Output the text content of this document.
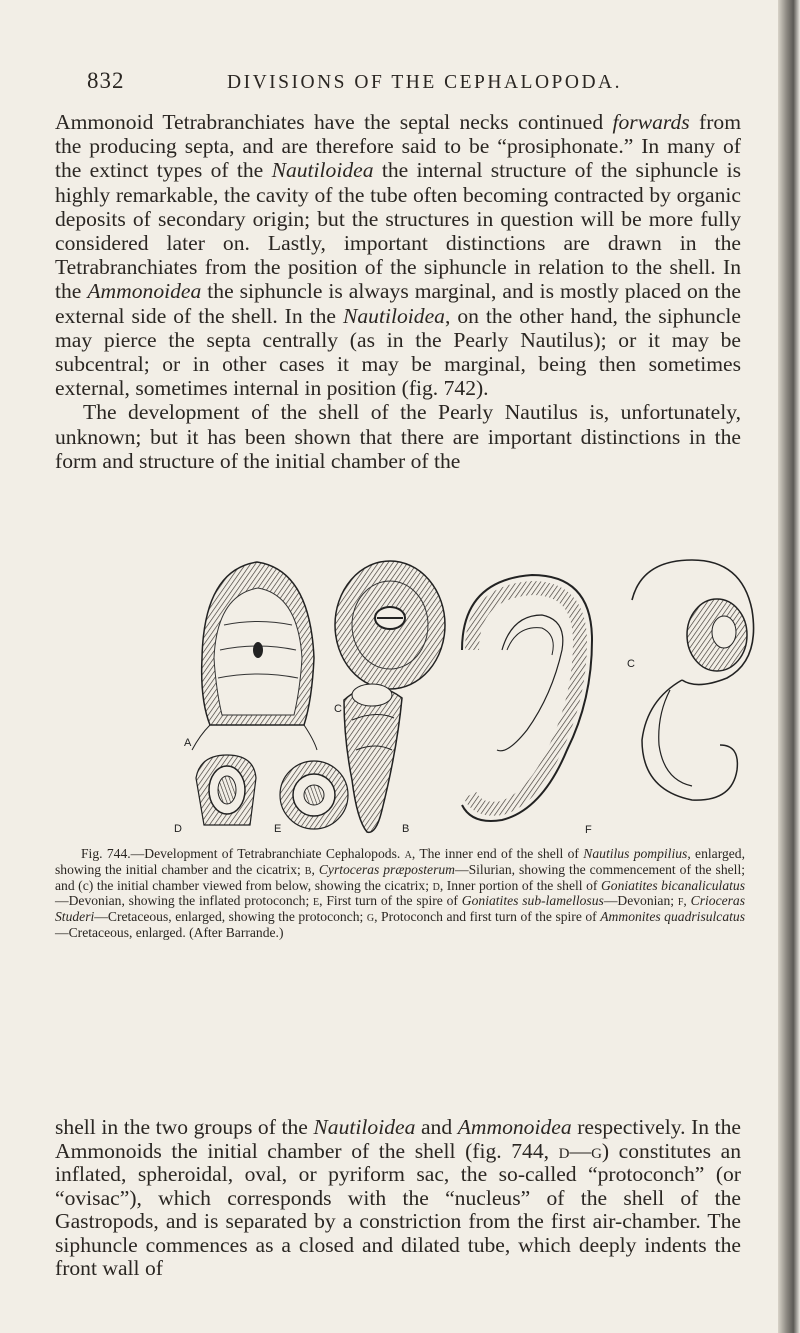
832	DIVISIONS OF THE CEPHALOPODA.

Ammonoid Tetrabranchiates have the septal necks continued forwards from the producing septa, and are therefore said to be “prosiphonate.” In many of the extinct types of the Nautiloidea the internal structure of the siphuncle is highly remarkable, the cavity of the tube often becoming contracted by organic deposits of secondary origin; but the structures in question will be more fully considered later on. Lastly, important distinctions are drawn in the Tetrabranchiates from the position of the siphuncle in relation to the shell. In the Ammonoidea the siphuncle is always marginal, and is mostly placed on the external side of the shell. In the Nautiloidea, on the other hand, the siphuncle may pierce the septa centrally (as in the Pearly Nautilus); or it may be subcentral; or in other cases it may be marginal, being then sometimes external, sometimes internal in position (fig. 742).

The development of the shell of the Pearly Nautilus is, unfortunately, unknown; but it has been shown that there are important distinctions in the form and structure of the initial chamber of the

A
D	E
C
B	F
C

Fig. 744.—Development of Tetrabranchiate Cephalopods. a, The inner end of the shell of Nautilus pompilius, enlarged, showing the initial chamber and the cicatrix; b, Cyrtoceras præposterum—Silurian, showing the commencement of the shell; and (c) the initial chamber viewed from below, showing the cicatrix; d, Inner portion of the shell of Goniatites bicanaliculatus—Devonian, showing the inflated protoconch; e, First turn of the spire of Goniatites sub-lamellosus—Devonian; f, Crioceras Studeri—Cretaceous, enlarged, showing the protoconch; g, Protoconch and first turn of the spire of Ammonites quadrisulcatus—Cretaceous, enlarged. (After Barrande.)

shell in the two groups of the Nautiloidea and Ammonoidea respectively. In the Ammonoids the initial chamber of the shell (fig. 744, d—g) constitutes an inflated, spheroidal, oval, or pyriform sac, the so-called “protoconch” (or “ovisac”), which corresponds with the “nucleus” of the shell of the Gastropods, and is separated by a constriction from the first air-chamber. The siphuncle commences as a closed and dilated tube, which deeply indents the front wall of
